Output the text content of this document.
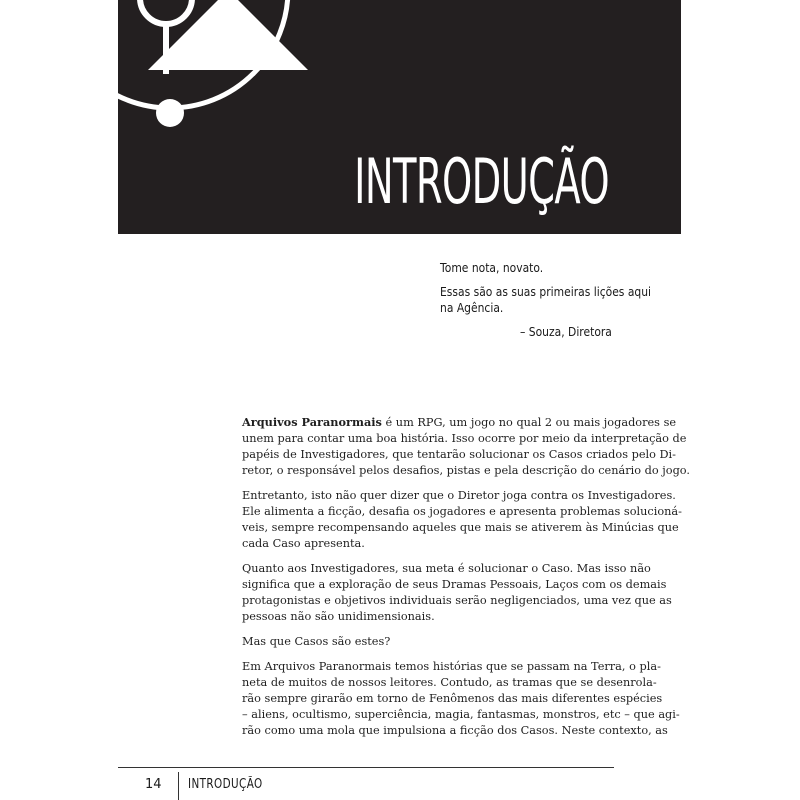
INTRODUÇÃO

Tome nota, novato.

Essas são as suas primeiras lições aqui
na Agência.

– Souza, Diretora

Arquivos Paranormais é um RPG, um jogo no qual 2 ou mais jogadores se
unem para contar uma boa história. Isso ocorre por meio da interpretação de
papéis de Investigadores, que tentarão solucionar os Casos criados pelo Di-
retor, o responsável pelos desafios, pistas e pela descrição do cenário do jogo.

Entretanto, isto não quer dizer que o Diretor joga contra os Investigadores.
Ele alimenta a ficção, desafia os jogadores e apresenta problemas solucioná-
veis, sempre recompensando aqueles que mais se ativerem às Minúcias que
cada Caso apresenta.

Quanto aos Investigadores, sua meta é solucionar o Caso. Mas isso não
significa que a exploração de seus Dramas Pessoais, Laços com os demais
protagonistas e objetivos individuais serão negligenciados, uma vez que as
pessoas não são unidimensionais.

Mas que Casos são estes?

Em Arquivos Paranormais temos histórias que se passam na Terra, o pla-
neta de muitos de nossos leitores. Contudo, as tramas que se desenrola-
rão sempre girarão em torno de Fenômenos das mais diferentes espécies
– aliens, ocultismo, superciência, magia, fantasmas, monstros, etc – que agi-
rão como uma mola que impulsiona a ficção dos Casos. Neste contexto, as

14 INTRODUÇÃO
